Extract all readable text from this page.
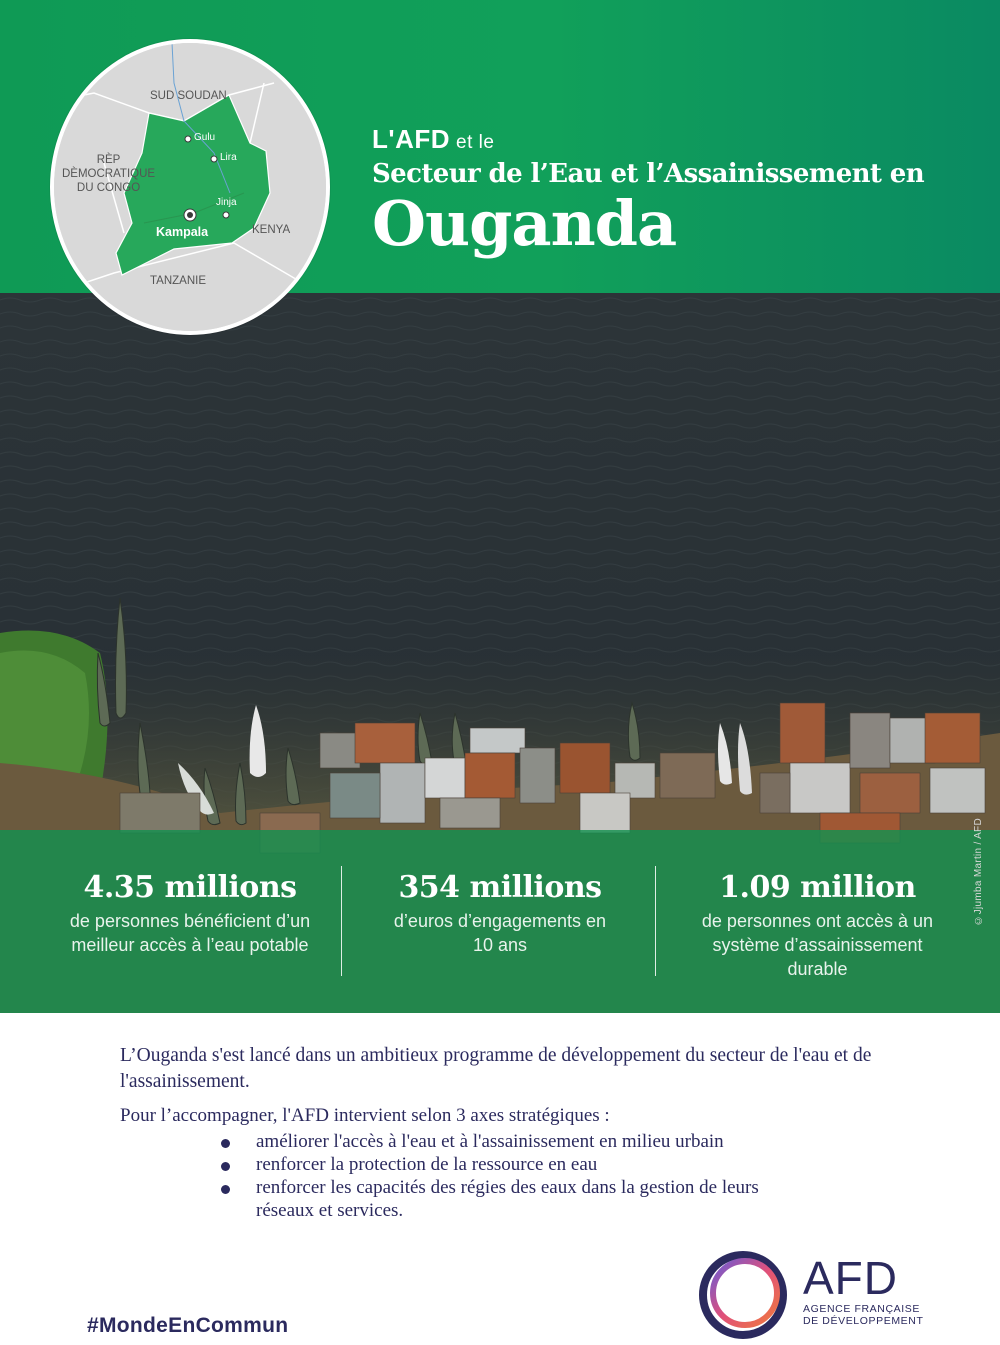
L'AFD et le
Secteur de l’Eau et l’Assainissement en
Ouganda
©Jjumba Martin / AFD
SUD SOUDAN
RÈP
DÈMOCRATIQUE
DU CONGO
KENYA
TANZANIE
Gulu
Lira
Jinja
Kampala
4.35 millions
de personnes bénéficient d’un meilleur accès à l’eau potable
354 millions
d’euros d’engagements en 10 ans
1.09 million
de personnes ont accès à un système d’assainissement durable

L’Ouganda s'est lancé dans un ambitieux programme de développement du secteur de l'eau et de l'assainissement.

Pour l’accompagner, l'AFD intervient selon 3 axes stratégiques :

améliorer l'accès à l'eau et à l'assainissement en milieu urbain
renforcer la protection de la ressource en eau
renforcer les capacités des régies des eaux dans la gestion de leurs réseaux et services.
#MondeEnCommun
AFD
AGENCE FRANÇAISE
DE DÉVELOPPEMENT
